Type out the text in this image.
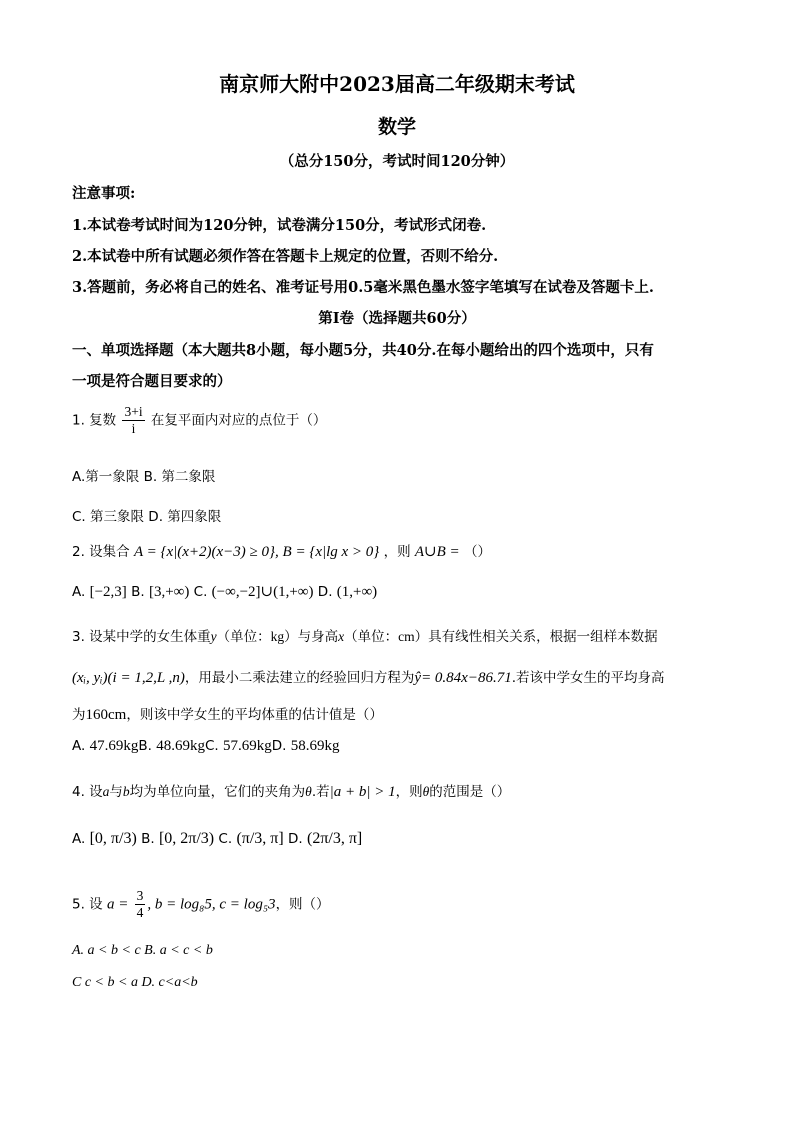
南京师大附中2023届高二年级期末考试
数学
（总分150分，考试时间120分钟）
注意事项:
1.本试卷考试时间为120分钟，试卷满分150分，考试形式闭卷.
2.本试卷中所有试题必须作答在答题卡上规定的位置，否则不给分.
3.答题前，务必将自己的姓名、准考证号用0.5毫米黑色墨水签字笔填写在试卷及答题卡上.
第Ⅰ卷（选择题共60分）
一、单项选择题（本大题共8小题，每小题5分，共40分.在每小题给出的四个选项中，只有
一项是符合题目要求的）
1. 复数 $\frac{3+i}{i}$ 在复平面内对应的点位于（）
A.第一象限 B. 第二象限
C. 第三象限 D. 第四象限
2. 设集合 A = {x|(x+2)(x−3) ≥ 0}, B = {x|lg x > 0} ，则 A∪B = （）
A. [−2,3] B. [3,+∞) C. (−∞,−2]∪(1,+∞) D. (1,+∞)
3. 设某中学的女生体重y（单位：kg）与身高x（单位：cm）具有线性相关关系，根据一组样本数据
(xᵢ, yᵢ)(i = 1,2,L ,n)，用最小二乘法建立的经验回归方程为ŷ= 0.84x−86.71.若该中学女生的平均身高
为160cm，则该中学女生的平均体重的估计值是（）
A. 47.69kgB. 48.69kgC. 57.69kgD. 58.69kg
4. 设a与b均为单位向量，它们的夹角为θ.若|a + b| > 1，则θ的范围是（）
A. [0, π/3) B. [0, 2π/3) C. (π/3, π] D. (2π/3, π]
5. 设 $a = \frac{3}{4}$ , b = log₈5, c = log₅3，则（）
A. a < b < c B. a < c < b
C c < b < a D. c<a<b
